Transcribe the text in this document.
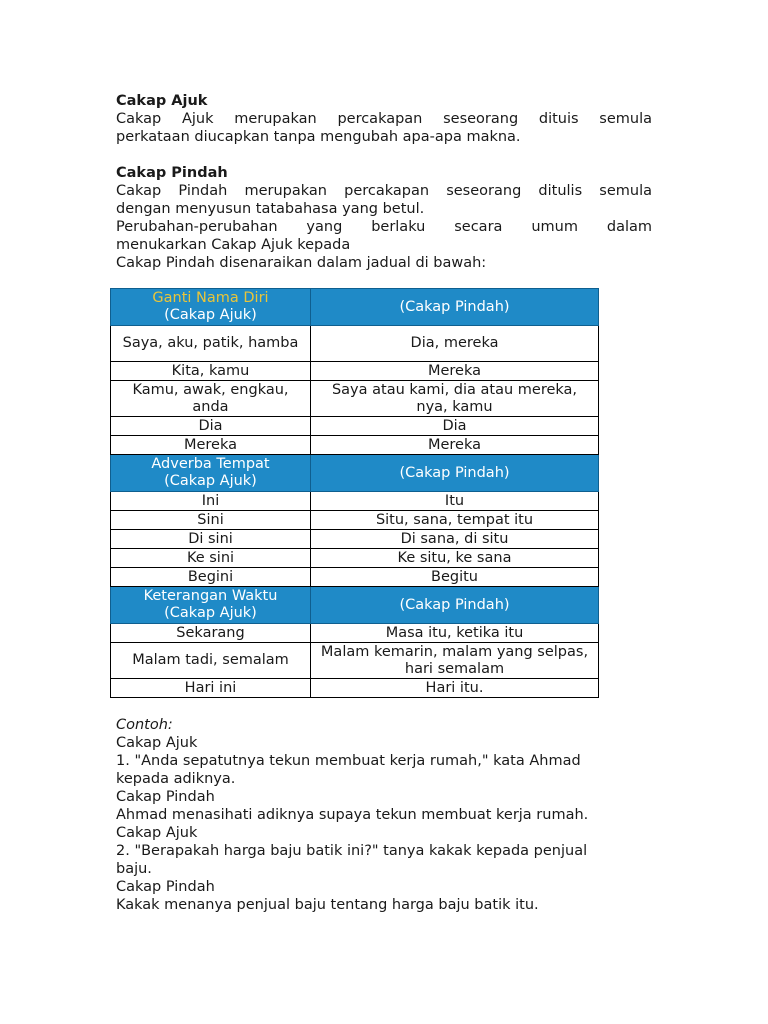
Cakap Ajuk

Cakap Ajuk merupakan percakapan seseorang dituis semula

perkataan diucapkan tanpa mengubah apa-apa makna.

Cakap Pindah

Cakap Pindah merupakan percakapan seseorang ditulis semula

dengan menyusun tatabahasa yang betul.

Perubahan-perubahan yang berlaku secara umum dalam

menukarkan Cakap Ajuk kepada

Cakap Pindah disenaraikan dalam jadual di bawah:

Ganti Nama Diri
(Cakap Ajuk)	(Cakap Pindah)
Saya, aku, patik, hamba	Dia, mereka
Kita, kamu	Mereka
Kamu, awak, engkau, anda	Saya atau kami, dia atau mereka, nya, kamu
Dia	Dia
Mereka	Mereka
Adverba Tempat
(Cakap Ajuk)	(Cakap Pindah)
Ini	Itu
Sini	Situ, sana, tempat itu
Di sini	Di sana, di situ
Ke sini	Ke situ, ke sana
Begini	Begitu
Keterangan Waktu
(Cakap Ajuk)	(Cakap Pindah)
Sekarang	Masa itu, ketika itu
Malam tadi, semalam	Malam kemarin, malam yang selpas, hari semalam
Hari ini	Hari itu.

Contoh:

Cakap Ajuk

1. "Anda sepatutnya tekun membuat kerja rumah," kata Ahmad

kepada adiknya.

Cakap Pindah

Ahmad menasihati adiknya supaya tekun membuat kerja rumah.

Cakap Ajuk

2. "Berapakah harga baju batik ini?" tanya kakak kepada penjual

baju.

Cakap Pindah

Kakak menanya penjual baju tentang harga baju batik itu.
